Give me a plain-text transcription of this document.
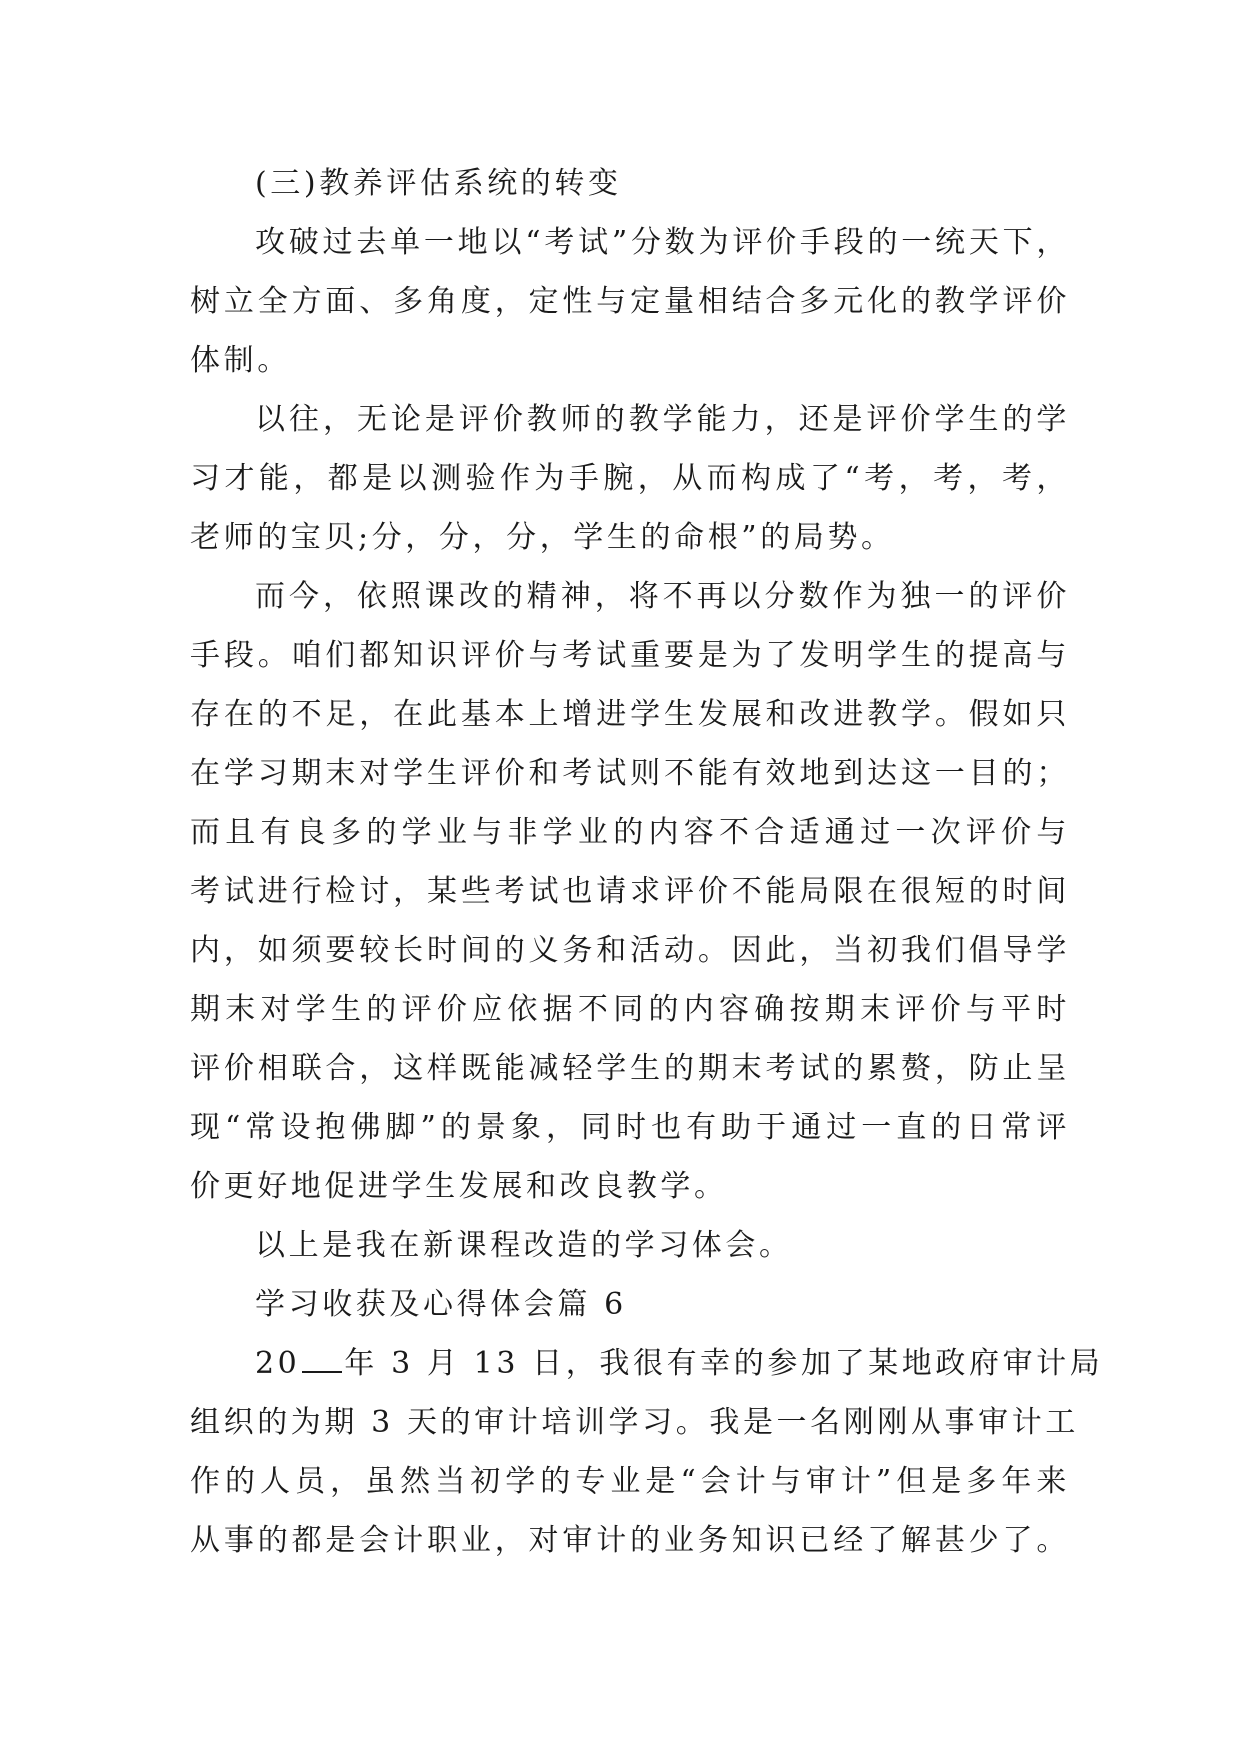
(三)教养评估系统的转变
攻破过去单一地以“考试”分数为评价手段的一统天下，
树立全方面、多角度，定性与定量相结合多元化的教学评价
体制。
以往，无论是评价教师的教学能力，还是评价学生的学
习才能，都是以测验作为手腕，从而构成了“考，考，考，
老师的宝贝;分，分，分，学生的命根”的局势。
而今，依照课改的精神，将不再以分数作为独一的评价
手段。咱们都知识评价与考试重要是为了发明学生的提高与
存在的不足，在此基本上增进学生发展和改进教学。假如只
在学习期末对学生评价和考试则不能有效地到达这一目的；
而且有良多的学业与非学业的内容不合适通过一次评价与
考试进行检讨，某些考试也请求评价不能局限在很短的时间
内，如须要较长时间的义务和活动。因此，当初我们倡导学
期末对学生的评价应依据不同的内容确按期末评价与平时
评价相联合，这样既能减轻学生的期末考试的累赘，防止呈
现“常设抱佛脚”的景象，同时也有助于通过一直的日常评
价更好地促进学生发展和改良教学。
以上是我在新课程改造的学习体会。
学习收获及心得体会篇 6
20 年 3 月 13 日，我很有幸的参加了某地政府审计局
组织的为期 3 天的审计培训学习。我是一名刚刚从事审计工
作的人员，虽然当初学的专业是“会计与审计”但是多年来
从事的都是会计职业，对审计的业务知识已经了解甚少了。
